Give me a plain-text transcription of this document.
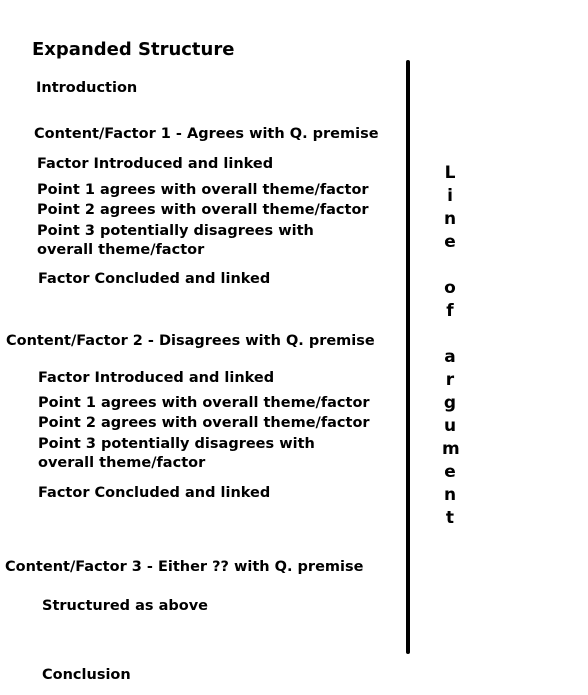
Expanded Structure
Introduction
Content/Factor 1 - Agrees with Q. premise
Factor Introduced and linked
Point 1 agrees with overall theme/factor
Point 2 agrees with overall theme/factor
Point 3 potentially disagrees with
overall theme/factor
Factor Concluded and linked
Content/Factor 2 - Disagrees with Q. premise
Factor Introduced and linked
Point 1 agrees with overall theme/factor
Point 2 agrees with overall theme/factor
Point 3 potentially disagrees with
overall theme/factor
Factor Concluded and linked
Content/Factor 3 - Either ?? with Q. premise
Structured as above
Conclusion
L
i
n
e
o
f
a
r
g
u
m
e
n
t
